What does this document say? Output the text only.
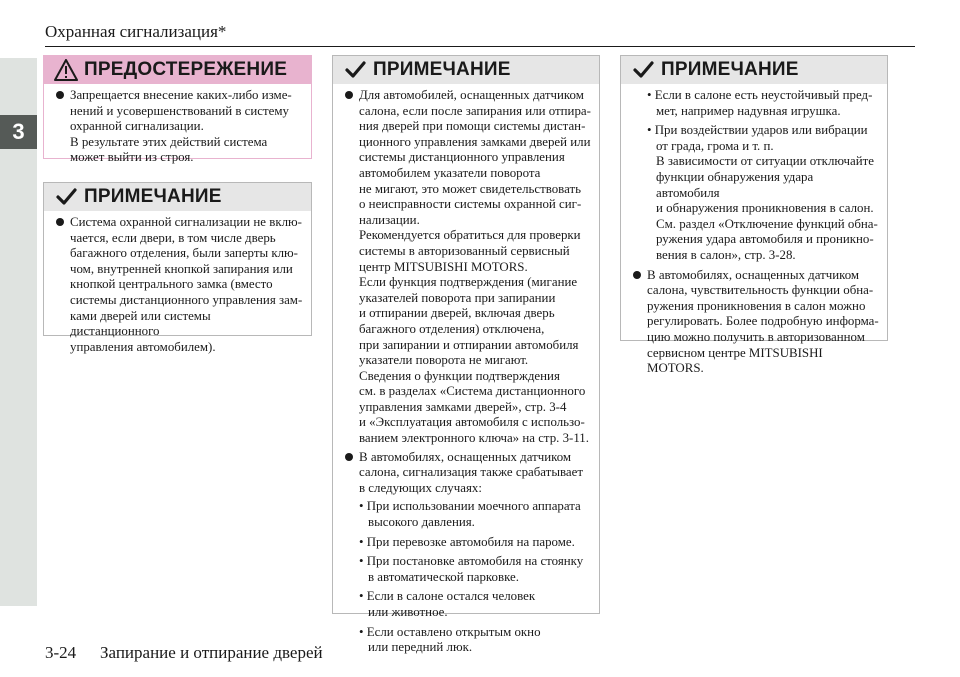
Охранная сигнализация*
3
ПРЕДОСТЕРЕЖЕНИЕ
Запрещается внесение каких-либо изме-
нений и усовершенствований в систему
охранной сигнализации.
В результате этих действий система
может выйти из строя.
ПРИМЕЧАНИЕ
Система охранной сигнализации не вклю-
чается, если двери, в том числе дверь
багажного отделения, были заперты клю-
чом, внутренней кнопкой запирания или
кнопкой центрального замка (вместо
системы дистанционного управления зам-
ками дверей или системы дистанционного
управления автомобилем).
ПРИМЕЧАНИЕ
Для автомобилей, оснащенных датчиком
салона, если после запирания или отпира-
ния дверей при помощи системы дистан-
ционного управления замками дверей или
системы дистанционного управления
автомобилем указатели поворота
не мигают, это может свидетельствовать
о неисправности системы охранной сиг-
нализации.
Рекомендуется обратиться для проверки
системы в авторизованный сервисный
центр MITSUBISHI MOTORS.
Если функция подтверждения (мигание
указателей поворота при запирании
и отпирании дверей, включая дверь
багажного отделения) отключена,
при запирании и отпирании автомобиля
указатели поворота не мигают.
Сведения о функции подтверждения
см. в разделах «Система дистанционного
управления замками дверей», стр. 3-4
и «Эксплуатация автомобиля с использо-
ванием электронного ключа» на стр. 3-11.
В автомобилях, оснащенных датчиком
салона, сигнализация также срабатывает
в следующих случаях:
• При использовании моечного аппарата
высокого давления.
• При перевозке автомобиля на пароме.
• При постановке автомобиля на стоянку
в автоматической парковке.
• Если в салоне остался человек
или животное.
• Если оставлено открытым окно
или передний люк.
ПРИМЕЧАНИЕ
• Если в салоне есть неустойчивый пред-
мет, например надувная игрушка.
• При воздействии ударов или вибрации
от града, грома и т. п.
В зависимости от ситуации отключайте
функции обнаружения удара автомобиля
и обнаружения проникновения в салон.
См. раздел «Отключение функций обна-
ружения удара автомобиля и проникно-
вения в салон», стр. 3-28.
В автомобилях, оснащенных датчиком
салона, чувствительность функции обна-
ружения проникновения в салон можно
регулировать. Более подробную информа-
цию можно получить в авторизованном
сервисном центре MITSUBISHI
MOTORS.
3-24 Запирание и отпирание дверей
